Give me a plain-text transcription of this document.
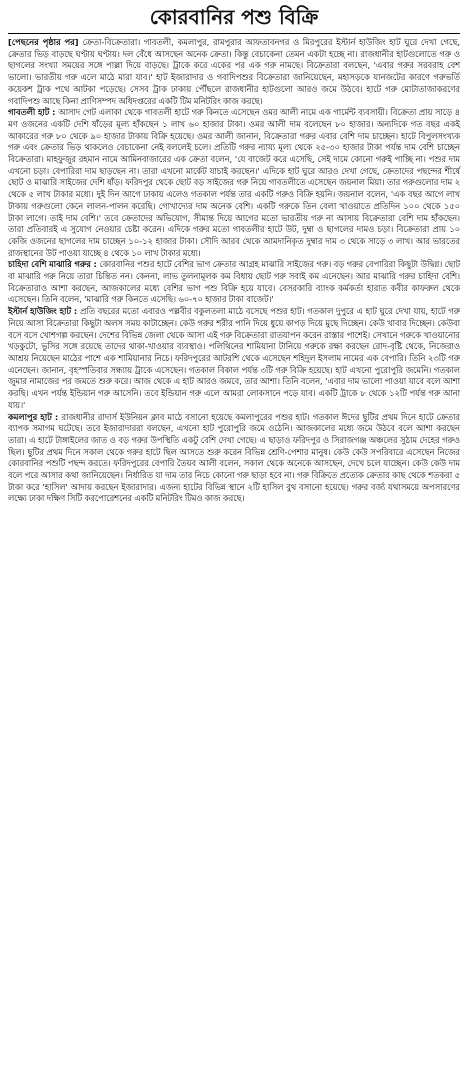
কোরবানির পশু বিক্রি

[পেছনের পৃষ্ঠার পর] ক্রেতা-বিক্রেতারা। গাবতলী, কমলাপুর, রামপুরার আফতাবনগর ও মিরপুরের ইস্টার্ন হাউজিং হাট ঘুরে দেখা গেছে, ক্রেতার ভিড় বাড়ছে ঘণ্টায় ঘণ্টায়। দল বেঁধে আসছেন অনেক ক্রেতা। কিন্তু বেচাকেনা তেমন একটা হচ্ছে না। রাজধানীর হাটগুলোতে গরু ও ছাগলের সংখ্যা সময়ের সঙ্গে পাল্লা দিয়ে বাড়ছে। ট্রাকে করে একের পর এক গরু নামছে। বিক্রেতারা বলছেন, 'এবার গরুর সরবরাহ বেশ ভালো। ভারতীয় গরু এলে মাঠে মারা যাব।' হাট ইজারাদার ও গবাদিপশুর বিক্রেতারা জানিয়েছেন, মহাসড়কে যানজটের কারণে গরুভর্তি কয়েকশ ট্রাক পথে আটকা পড়েছে। সেসব ট্রাক ঢাকায় পৌঁছলে রাজধানীর হাটগুলো আরও জমে উঠবে। হাটে গরু মোটাতাজাকরণের গবাদিপশু আছে কিনা প্রাণিসম্পদ অধিদপ্তরের একটি টিম মনিটরিং কাজ করছে।

গাবতলী হাট : আসাদ গেট এলাকা থেকে গাবতলী হাটে গরু কিনতে এসেছেন ওমর আলী নামে এক গার্মেন্ট ব্যবসায়ী। বিক্রেতা প্রায় সাড়ে ৪ মণ ওজনের একটি দেশি ষাঁড়ের মূল্য হাঁকছেন ১ লাখ ৬০ হাজার টাকা। ওমর আলী দাম বলেছেন ৮০ হাজার। অন্যদিকে গত বছর একই আকারের গরু ৮০ থেকে ৯০ হাজার টাকায় বিক্রি হয়েছে। ওমর আলী জানান, বিক্রেতারা গরুর এবার বেশি দাম চাচ্ছেন। হাটে বিপুলসংখ্যক গরু এবং ক্রেতার ভিড় থাকলেও বেচাকেনা নেই বললেই চলে। প্রতিটি গরুর ন্যায্য মূল্য থেকে ২৫-৩০ হাজার টাকা পর্যন্ত দাম বেশি চাচ্ছেন বিক্রেতারা। মাহফুজুর রহমান নামে আমিনবাজারের এক ক্রেতা বলেন, 'যে বাজেট করে এসেছি, সেই দামে কোনো গরুই পাচ্ছি না। পশুর দাম এখনো চড়া। বেপারিরা দাম ছাড়ছেন না। তারা এখনো মার্কেট যাচাই করছেন।' এদিকে হাট ঘুরে আরও দেখা গেছে, ক্রেতাদের পছন্দের শীর্ষে ছোট ও মাঝারি সাইজের দেশি ষাঁড়। ফরিদপুর থেকে ছোট বড় সাইজের গরু নিয়ে গাবতলীতে এসেছেন জয়নাল মিয়া। তার গরুগুলোর দাম ২ থেকে ৫ লাখ টাকার মধ্যে। দুই দিন আগে ঢাকায় এলেও গতকাল পর্যন্ত তার একটি গরুও বিক্রি হয়নি। জয়নাল বলেন, 'এক বছর আগে লাখ টাকায় গরুগুলো কেনে লালন-পালন করেছি। গোখাদ্যের দাম অনেক বেশি। একটি গরুকে তিন বেলা খাওয়াতে প্রতিদিন ১০০ থেকে ১৫০ টাকা লাগে। তাই দাম বেশি।' তবে ক্রেতাদের অভিযোগ, সীমান্ত দিয়ে আগের মতো ভারতীয় গরু না আসায় বিক্রেতারা বেশি দাম হাঁকছেন। তারা প্রতিবারই এ সুযোগ নেওয়ার চেষ্টা করেন। এদিকে গরুর মতো গাবতলীর হাটে উট, দুম্বা ও ছাগলের দামও চড়া। বিক্রেতারা প্রায় ১০ কেজি ওজনের ছাগলের দাম চাচ্ছেন ১০-১২ হাজার টাকা। সৌদি আরব থেকে আমদানিকৃত দুম্বার দাম ৩ থেকে সাড়ে ৩ লাখ। আর ভারতের রাজস্থানের উট পাওয়া যাচ্ছে ৪ থেকে ১০ লাখ টাকার মধ্যে।

চাহিদা বেশি মাঝারি গরুর : কোরবানির পশুর হাটে বেশির ভাগ ক্রেতার আগ্রহ মাঝারি সাইজের গরু। বড় গরুর বেপারিরা কিছুটা উদ্বিগ্ন। ছোট বা মাঝারি গরু নিয়ে তারা চিন্তিত নন। কেননা, লাভ তুলনামূলক কম বিধায় ছোট গরু সবাই কম এনেছেন। আর মাঝারি গরুর চাহিদা বেশি। বিক্রেতারাও আশা করছেন, আজকালের মধ্যে বেশির ভাগ পশু বিক্রি হয়ে যাবে। বেসরকারি ব্যাংক কর্মকর্তা হারাত কবীর কাফরুল থেকে এসেছেন। তিনি বলেন, 'মাঝারি গরু কিনতে এসেছি। ৬০-৭০ হাজার টাকা বাজেট।'

ইস্টার্ন হাউজিং হাট : প্রতি বছরের মতো এবারও পল্লবীর বকুলতলা মাঠে বসেছে পশুর হাট। গতকাল দুপুরে এ হাট ঘুরে দেখা যায়, হাটে গরু নিয়ে আসা বিক্রেতারা কিছুটা অলস সময় কাটাচ্ছেন। কেউ গরুর শরীর পানি দিয়ে ধুয়ে কাপড় দিয়ে মুছে দিচ্ছেন। কেউ খাবার দিচ্ছেন। কেউবা বসে বসে খোশগল্প করছেন। দেশের বিভিন্ন জেলা থেকে আসা এই গরু বিক্রেতারা রাতযাপন করেন রাস্তার পাশেই। সেখানে গরুকে খাওয়ানোর খড়কুটো, ভুসির সঙ্গে রয়েছে তাদের থাকা-খাওয়ার ব্যবস্থাও। পলিথিনের শামিয়ানা টানিয়ে গরুকে রক্ষা করছেন রোদ-বৃষ্টি থেকে, নিজেরাও আশ্রয় নিয়েছেন মাঠের পাশে এক শামিয়ানার নিচে। ফরিদপুরের আটরশি থেকে এসেছেন শহিদুল ইসলাম নামের এক বেপারি। তিনি ২৩টি গরু এনেছেন। জানান, বৃহস্পতিবার সন্ধ্যায় ট্রাকে এসেছেন। গতকাল বিকাল পর্যন্ত ৩টি গরু বিক্রি হয়েছে। হাট এখনো পুরোপুরি জমেনি। গতকাল জুমার নামাজের পর জমতে শুরু করে। আজ থেকে এ হাট আরও জমবে, তার আশা। তিনি বলেন, 'এবার দাম ভালো পাওয়া যাবে বলে আশা করছি। এখন পর্যন্ত ইন্ডিয়ান গরু আসেনি। তবে ইন্ডিয়ান গরু এলে আমরা লোকসানে পড়ে যাব। একটি ট্রাকে ৮ থেকে ১২টি পর্যন্ত গরু আনা যায়।'

কমলাপুর হাট : রাজধানীর রাদার্স ইউনিয়ন ক্লাব মাঠে বসানো হয়েছে কমলাপুরের পশুর হাট। গতকাল ঈদের ছুটির প্রথম দিনে হাটে ক্রেতার ব্যাপক সমাগম ঘটেছে। তবে ইজারাদাররা বলছেন, এখনো হাট পুরোপুরি জমে ওঠেনি। আজকালের মধ্যে জমে উঠবে বলে আশা করছেন তারা। এ হাটে টাঙ্গাইলের জাত ও বড় গরুর উপস্থিতি একটু বেশি দেখা গেছে। এ ছাড়াও ফরিদপুর ও সিরাজগঞ্জ অঞ্চলের সুঠাম দেহের গরুও ছিল। ছুটির প্রথম দিনে সকাল থেকে গরুর হাটে ছিল আসতে শুরু করেন বিভিন্ন শ্রেণি-পেশার মানুষ। কেউ কেউ সপরিবারে এসেছেন নিজের কোরবানির পশুটি পছন্দ করতে। ফরিদপুরের বেপারি তৈয়ব আলী বলেন, সকাল থেকে অনেকে আসছেন, দেখে চলে যাচ্ছেন। কেউ কেউ দাম বলে পরে আসার কথা জানিয়েছেন। নির্ধারিত যা দাম তার নিচে কোনো গরু ছাড়া হবে না। গরু বিক্রিতে প্রত্যেক ক্রেতার কাছ থেকে শতকরা ৫ টাকা করে 'হাসিল' আদায় করছেন ইজারাদার। এজন্য হাটের বিভিন্ন স্থানে ২টি হাসিল বুথ বসানো হয়েছে। গরুর বর্জ্য যথাসময়ে অপসারণের লক্ষ্যে ঢাকা দক্ষিণ সিটি করপোরেশনের একটি মনিটরিং টিমও কাজ করছে।
